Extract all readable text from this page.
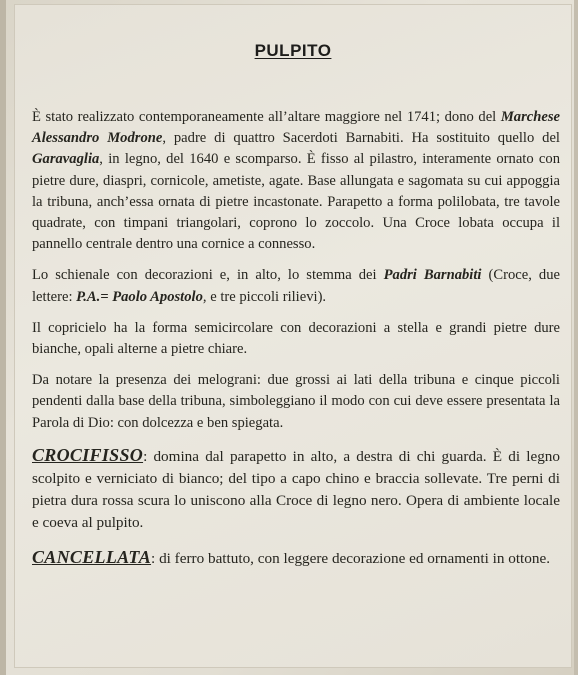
PULPITO

È stato realizzato contemporaneamente all’altare maggiore nel 1741; dono del Marchese Alessandro Modrone, padre di quattro Sacerdoti Barnabiti. Ha sostituito quello del Garavaglia, in legno, del 1640 e scomparso. È fisso al pilastro, interamente ornato con pietre dure, diaspri, cornicole, ametiste, agate. Base allungata e sagomata su cui appoggia la tribuna, anch’essa ornata di pietre incastonate. Parapetto a forma polilobata, tre tavole quadrate, con timpani triangolari, coprono lo zoccolo. Una Croce lobata occupa il pannello centrale dentro una cornice a connesso.

Lo schienale con decorazioni e, in alto, lo stemma dei Padri Barnabiti (Croce, due lettere: P.A.= Paolo Apostolo, e tre piccoli rilievi).

Il copricielo ha la forma semicircolare con decorazioni a stella e grandi pietre dure bianche, opali alterne a pietre chiare.

Da notare la presenza dei melograni: due grossi ai lati della tribuna e cinque piccoli pendenti dalla base della tribuna, simboleggiano il modo con cui deve essere presentata la Parola di Dio: con dolcezza e ben spiegata.

CROCIFISSO: domina dal parapetto in alto, a destra di chi guarda. È di legno scolpito e verniciato di bianco; del tipo a capo chino e braccia sollevate. Tre perni di pietra dura rossa scura lo uniscono alla Croce di legno nero. Opera di ambiente locale e coeva al pulpito.

CANCELLATA: di ferro battuto, con leggere decorazione ed ornamenti in ottone.
